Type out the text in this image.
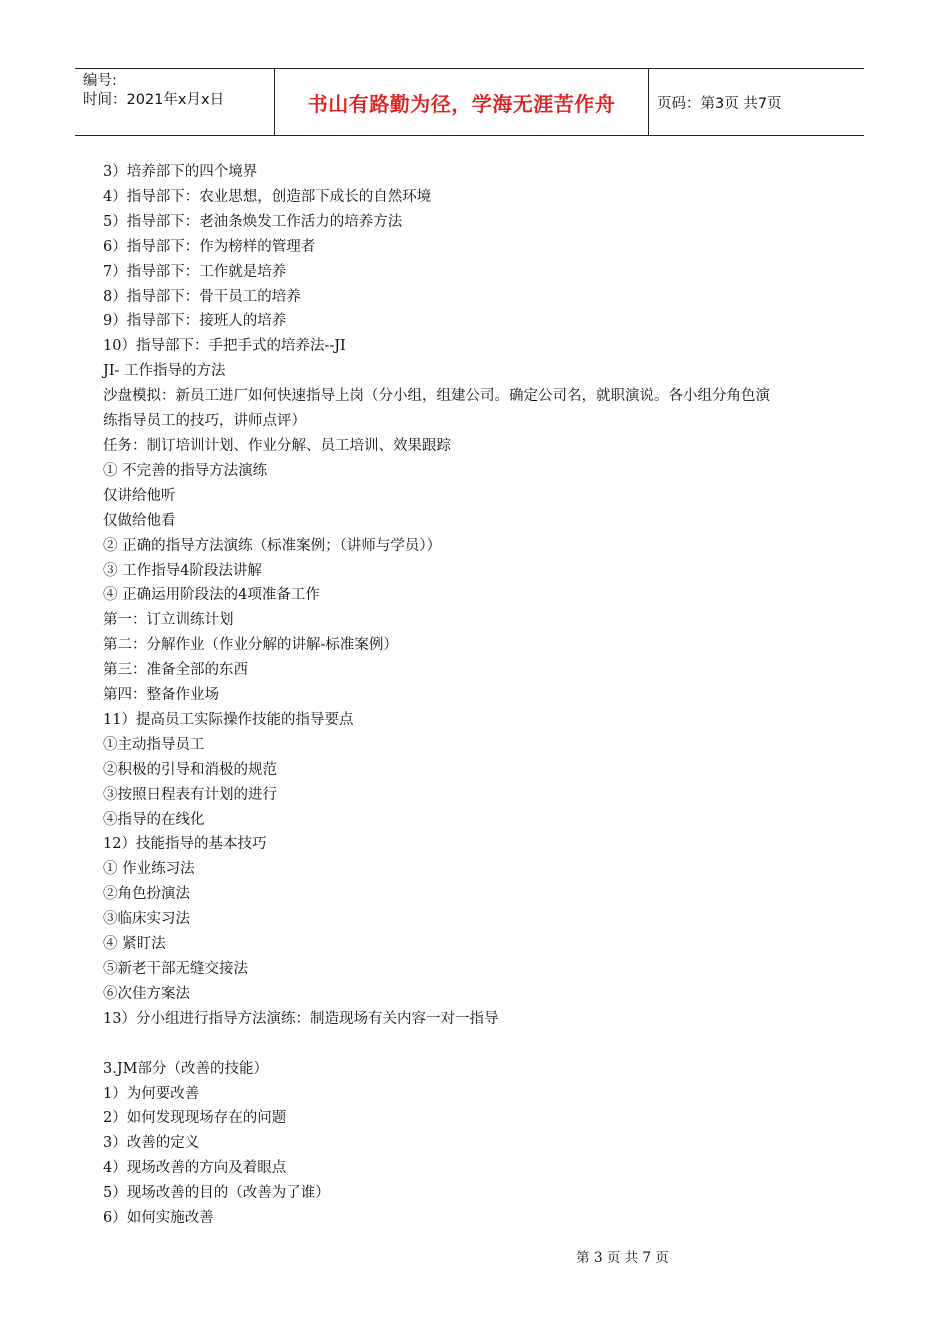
编号:
时间：2021年x月x日	书山有路勤为径，学海无涯苦作舟	页码：第3页 共7页
3）培养部下的四个境界
4）指导部下：农业思想，创造部下成长的自然环境
5）指导部下：老油条焕发工作活力的培养方法
6）指导部下：作为榜样的管理者
7）指导部下：工作就是培养
8）指导部下：骨干员工的培养
9）指导部下：接班人的培养
10）指导部下：手把手式的培养法--JI
JI- 工作指导的方法
沙盘模拟：新员工进厂如何快速指导上岗（分小组，组建公司。确定公司名，就职演说。各小组分角色演
练指导员工的技巧，讲师点评）
任务：制订培训计划、作业分解、员工培训、效果跟踪
① 不完善的指导方法演练
仅讲给他听
仅做给他看
② 正确的指导方法演练（标准案例；（讲师与学员））
③ 工作指导4阶段法讲解
④ 正确运用阶段法的4项准备工作
第一：订立训练计划
第二：分解作业（作业分解的讲解-标准案例）
第三：准备全部的东西
第四：整备作业场
11）提高员工实际操作技能的指导要点
①主动指导员工
②积极的引导和消极的规范
③按照日程表有计划的进行
④指导的在线化
12）技能指导的基本技巧
① 作业练习法
②角色扮演法
③临床实习法
④ 紧盯法
⑤新老干部无缝交接法
⑥次佳方案法
13）分小组进行指导方法演练：制造现场有关内容一对一指导
3.JM部分（改善的技能）
1）为何要改善
2）如何发现现场存在的问题
3）改善的定义
4）现场改善的方向及着眼点
5）现场改善的目的（改善为了谁）
6）如何实施改善
第 3 页 共 7 页
